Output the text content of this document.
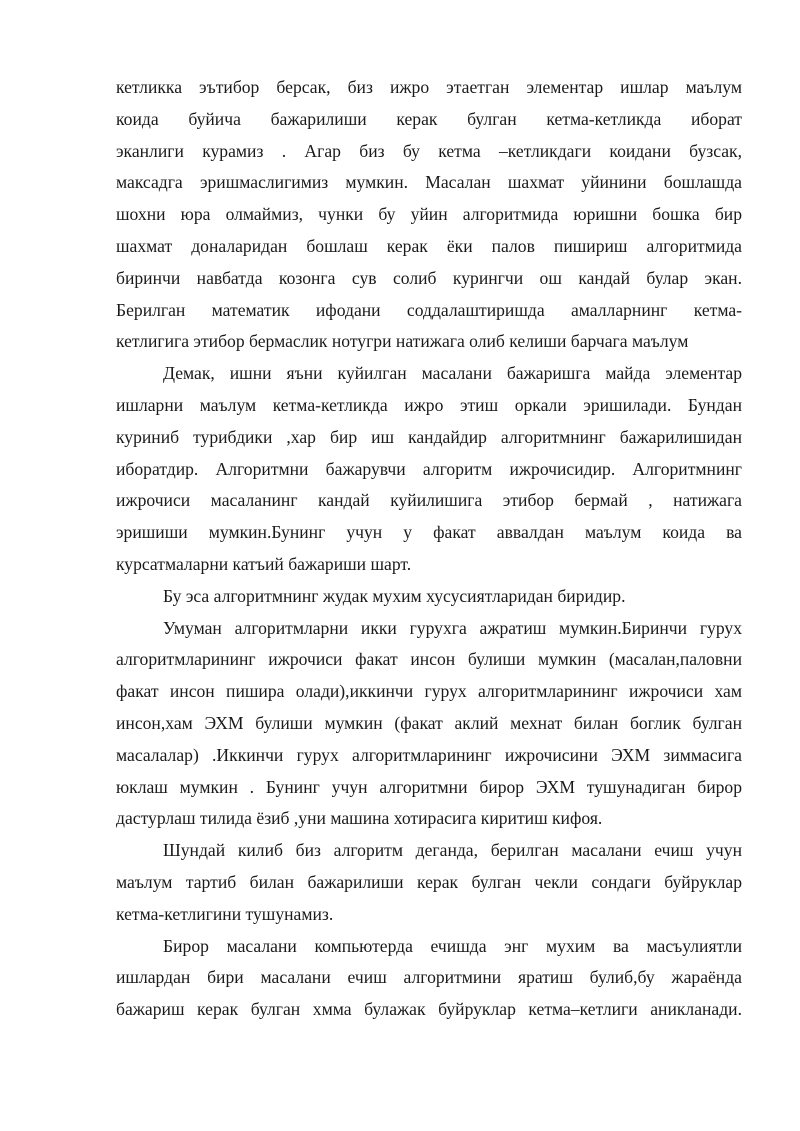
кетликка эътибор берсак, биз ижро этаетган элементар ишлар маълум
коида буйича бажарилиши керак булган кетма-кетликда иборат
эканлиги курамиз . Агар биз бу кетма –кетликдаги коидани бузсак,
максадга эришмаслигимиз мумкин. Масалан шахмат уйинини бошлашда
шохни юра олмаймиз, чунки бу уйин алгоритмида юришни бошка бир
шахмат доналаридан бошлаш керак ёки палов пишириш алгоритмида
биринчи навбатда козонга сув солиб курингчи ош кандай булар экан.
Берилган математик ифодани соддалаштиришда амалларнинг кетма-
кетлигига этибор бермаслик нотугри натижага олиб келиши барчага маълум

Демак, ишни яъни куйилган масалани бажаришга майда элементар
ишларни маълум кетма-кетликда ижро этиш оркали эришилади. Бундан
куриниб турибдики ,хар бир иш кандайдир алгоритмнинг бажарилишидан
иборатдир. Алгоритмни бажарувчи алгоритм ижрочисидир. Алгоритмнинг
ижрочиси масаланинг кандай куйилишига этибор бермай , натижага
эришиши мумкин.Бунинг учун у факат аввалдан маълум коида ва
курсатмаларни катъий бажариши шарт.

Бу эса алгоритмнинг жудак мухим хусусиятларидан биридир.

Умуман алгоритмларни икки гурухга ажратиш мумкин.Биринчи гурух
алгоритмларининг ижрочиси факат инсон булиши мумкин (масалан,паловни
факат инсон пишира олади),иккинчи гурух алгоритмларининг ижрочиси хам
инсон,хам ЭХМ булиши мумкин (факат аклий мехнат билан боглик булган
масалалар) .Иккинчи гурух алгоритмларининг ижрочисини ЭХМ зиммасига
юклаш мумкин . Бунинг учун алгоритмни бирор ЭХМ тушунадиган бирор
дастурлаш тилида ёзиб ,уни машина хотирасига киритиш кифоя.

Шундай килиб биз алгоритм деганда, берилган масалани ечиш учун
маълум тартиб билан бажарилиши керак булган чекли сондаги буйруклар
кетма-кетлигини тушунамиз.

Бирор масалани компьютерда ечишда энг мухим ва масъулиятли
ишлардан бири масалани ечиш алгоритмини яратиш булиб,бу жараёнда
бажариш керак булган хмма булажак буйруклар кетма–кетлиги аникланади.
